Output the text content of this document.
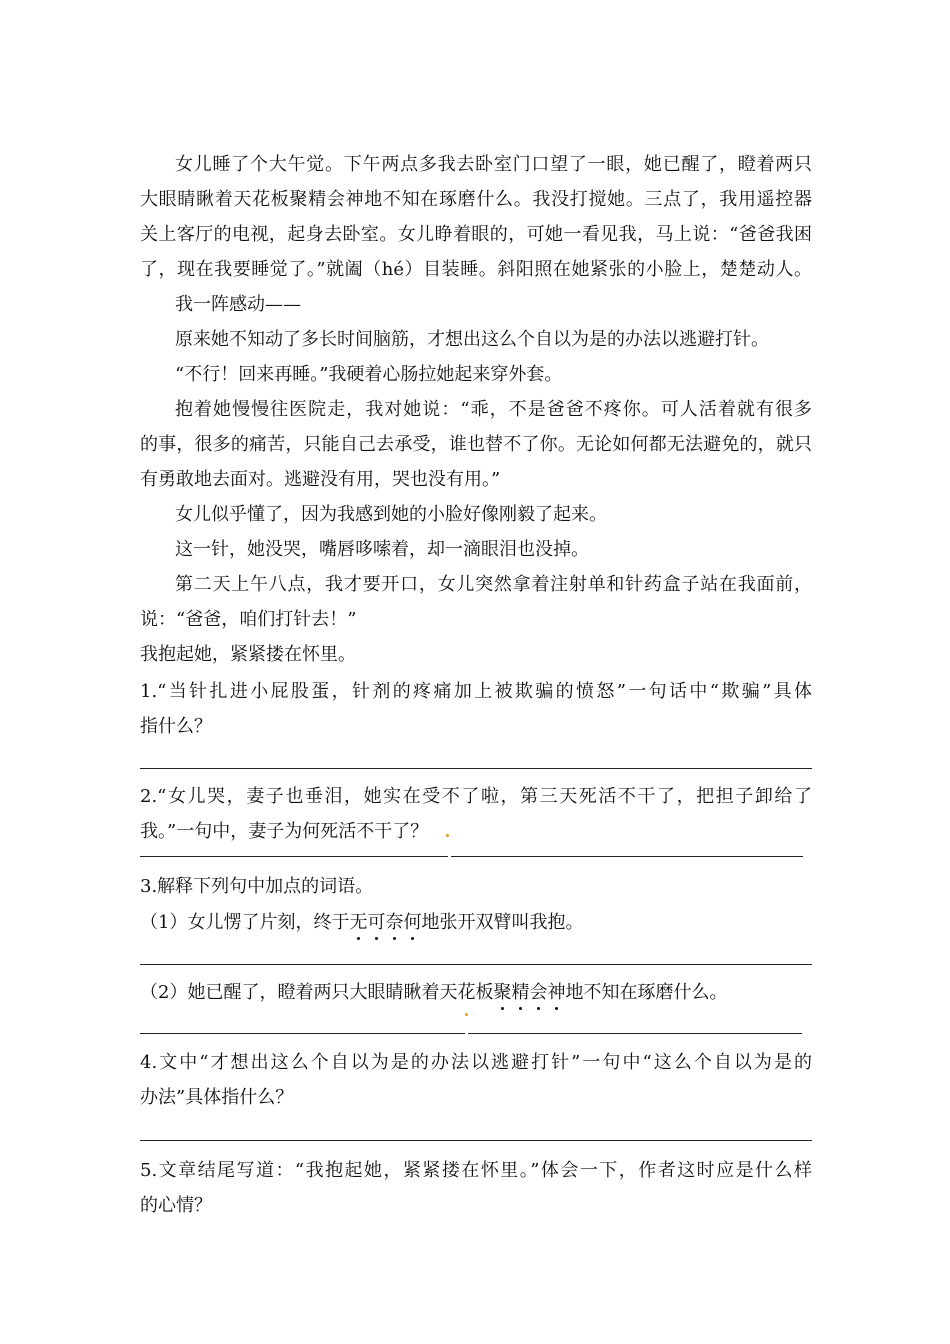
女儿睡了个大午觉。下午两点多我去卧室门口望了一眼，她已醒了，瞪着两只
大眼睛瞅着天花板聚精会神地不知在琢磨什么。我没打搅她。三点了，我用遥控器
关上客厅的电视，起身去卧室。女儿睁着眼的，可她一看见我，马上说：“爸爸我困
了，现在我要睡觉了。”就阖（hé）目装睡。斜阳照在她紧张的小脸上，楚楚动人。
我一阵感动——
原来她不知动了多长时间脑筋，才想出这么个自以为是的办法以逃避打针。
“不行！回来再睡。”我硬着心肠拉她起来穿外套。
抱着她慢慢往医院走，我对她说：“乖，不是爸爸不疼你。可人活着就有很多
的事，很多的痛苦，只能自己去承受，谁也替不了你。无论如何都无法避免的，就只
有勇敢地去面对。逃避没有用，哭也没有用。”
女儿似乎懂了，因为我感到她的小脸好像刚毅了起来。
这一针，她没哭，嘴唇哆嗦着，却一滴眼泪也没掉。
第二天上午八点，我才要开口，女儿突然拿着注射单和针药盒子站在我面前，
说：“爸爸，咱们打针去！”
我抱起她，紧紧搂在怀里。
1.“当针扎进小屁股蛋，针剂的疼痛加上被欺骗的愤怒”一句话中“欺骗”具体
指什么？
2.“女儿哭，妻子也垂泪，她实在受不了啦，第三天死活不干了，把担子卸给了
我。”一句中，妻子为何死活不干了？
3.解释下列句中加点的词语。
（1）女儿愣了片刻，终于无可奈何地张开双臂叫我抱。
（2）她已醒了，瞪着两只大眼睛瞅着天花板聚精会神地不知在琢磨什么。
4.文中“才想出这么个自以为是的办法以逃避打针”一句中“这么个自以为是的
办法”具体指什么？
5.文章结尾写道：“我抱起她，紧紧搂在怀里。”体会一下，作者这时应是什么样
的心情？
